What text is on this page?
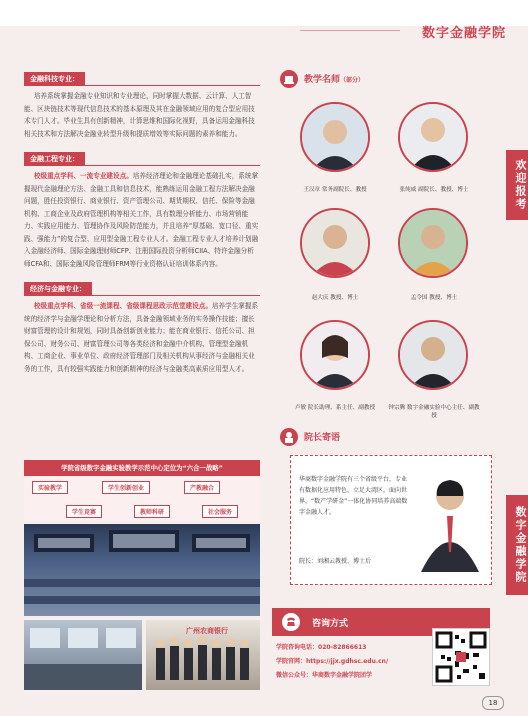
数字金融学院
欢迎报考
数字金融学院
金融科技专业：

培养系统掌握金融专业知识和专业理论，同时掌握大数据、云计算、人工智能、区块链技术等现代信息技术的基本原理及其在金融领域应用的复合型应用技术专门人才。毕业生具有创新精神，计算思维和国际化视野，具备运用金融科技相关技术和方法解决金融业转型升级和提质增效等实际问题的素养和能力。

金融工程专业：

校级重点学科、一流专业建设点。培养经济理论和金融理论基础扎实，系统掌握现代金融理论方法、金融工具和信息技术，能熟练运用金融工程方法解决金融问题，胜任投资银行、商业银行、资产管理公司、期货期权、信托、保险等金融机构、工商企业及政府管理机构等相关工作，具有数理分析能力、市场营销能力、实践应用能力、管理协作及风险防范能力，并且培养“厚基础、宽口径、重实践、强能力”的复合型、应用型金融工程专业人才。金融工程专业人才培养计划融入金融经济师、国际金融理财师CFP、注册国际投资分析师CIIA、特许金融分析师CFA和、国际金融风险管理师FRM等行业资格认证培训体系内容。

经济与金融专业：

校级重点学科、省级一流课程、省级课程思政示范堂建设点。培养学生掌握系统的经济学与金融学理论和分析方法，具备金融领域业务的实务操作技能；擅长财富管理的设计和规划，同时具备创新创业能力；能在商业银行、信托公司、担保公司、财务公司、财富管理公司等各类经济和金融中介机构、管理型金融机构、工商企业、事业单位、政府经济管理部门及相关机构从事经济与金融相关业务的工作，具有较强实践能力和创新精神的经济与金融类高素质应用型人才。

学院省级数字金融实验教学示范中心定位为“六合一战略”
实验教学	学生创新创业	产教融合
学生竞赛	教师科研	社会服务
广州农商银行
教学名师（部分）
王汉章 常务副院长、教授	张纯威 副院长、教授、博士
赵大庆 教授、博士	孟令国 教授、博士
卢敏 院长助理、系主任、副教授	钟宗腾 数字金融实验中心主任、副教授
院长寄语
华商数字金融学院有三个省级平台，专业有数据化应用特色，立足大湾区，面向世界，“数产学研金”一体化协同培养高端数字金融人才。
院长：刘湘云教授、博士后
咨询方式
学院咨询电话：020-82866613
学院官网：https://jjx.gdhsc.edu.cn/
微信公众号：华商数字金融学院团学
18
